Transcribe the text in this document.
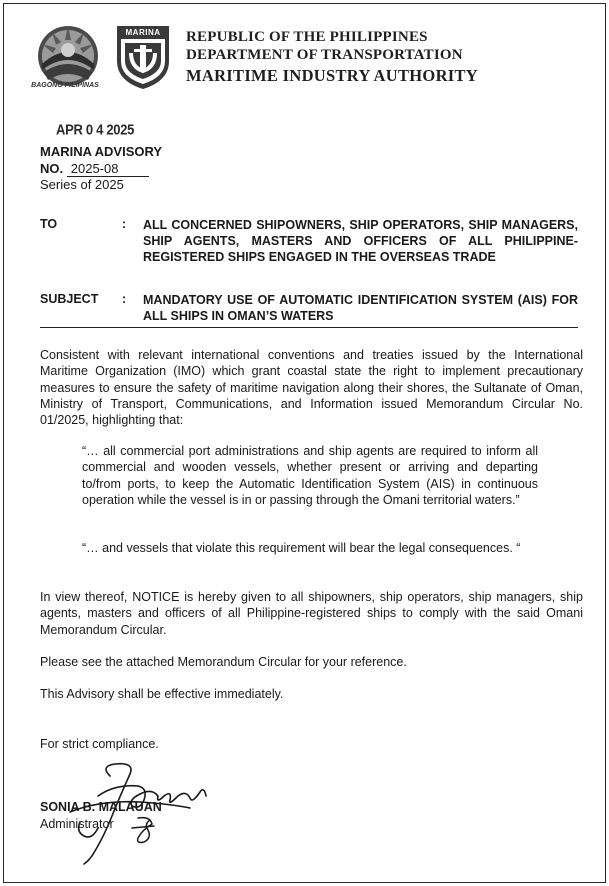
BAGONG PILIPINAS
MARINA	REPUBLIC OF THE PHILIPPINES
DEPARTMENT OF TRANSPORTATION
MARITIME INDUSTRY AUTHORITY
APR 0 4 2025
MARINA ADVISORY
NO. 2025-08
Series of 2025
TO	: ALL CONCERNED SHIPOWNERS, SHIP OPERATORS, SHIP MANAGERS, SHIP AGENTS, MASTERS AND OFFICERS OF ALL PHILIPPINE-REGISTERED SHIPS ENGAGED IN THE OVERSEAS TRADE
SUBJECT : MANDATORY USE OF AUTOMATIC IDENTIFICATION SYSTEM (AIS) FOR ALL SHIPS IN OMAN’S WATERS
Consistent with relevant international conventions and treaties issued by the International Maritime Organization (IMO) which grant coastal state the right to implement precautionary measures to ensure the safety of maritime navigation along their shores, the Sultanate of Oman, Ministry of Transport, Communications, and Information issued Memorandum Circular No. 01/2025, highlighting that:
“… all commercial port administrations and ship agents are required to inform all commercial and wooden vessels, whether present or arriving and departing to/from ports, to keep the Automatic Identification System (AIS) in continuous operation while the vessel is in or passing through the Omani territorial waters.”
“… and vessels that violate this requirement will bear the legal consequences. “
In view thereof, NOTICE is hereby given to all shipowners, ship operators, ship managers, ship agents, masters and officers of all Philippine-registered ships to comply with the said Omani Memorandum Circular.
Please see the attached Memorandum Circular for your reference.
This Advisory shall be effective immediately.
For strict compliance.
SONIA B. MALAUAN
Administrator
